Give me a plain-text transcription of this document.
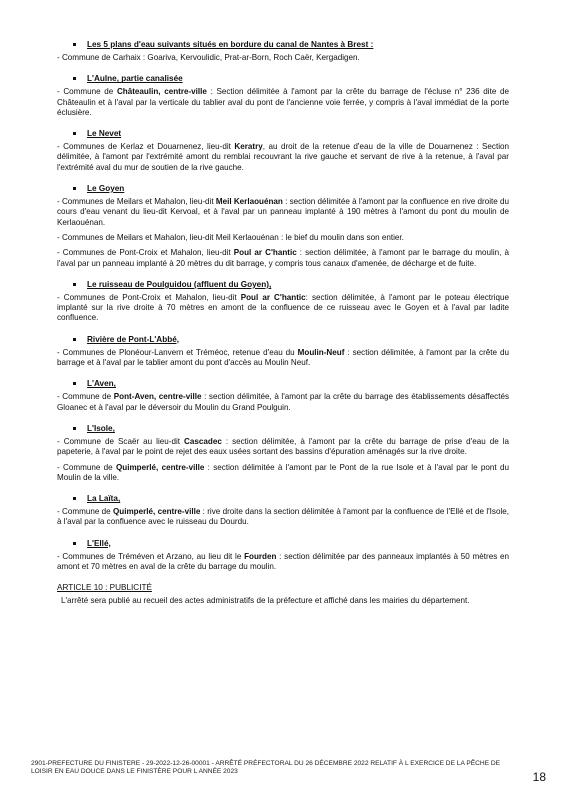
Les 5 plans d'eau suivants situés en bordure du canal de Nantes à Brest :

- Commune de Carhaix : Goariva, Kervoulidic, Prat-ar-Born, Roch Caër, Kergadigen.

L'Aulne, partie canalisée

- Commune de Châteaulin, centre-ville : Section délimitée à l'amont par la crête du barrage de l'écluse n° 236 dite de Châteaulin et à l'aval par la verticale du tablier aval du pont de l'ancienne voie ferrée, y compris à l'aval immédiat de la porte éclusière.

Le Nevet

- Communes de Kerlaz et Douarnenez, lieu-dit Keratry, au droit de la retenue d'eau de la ville de Douarnenez : Section délimitée, à l'amont par l'extrémité amont du remblai recouvrant la rive gauche et servant de rive à la retenue, à l'aval par l'extrémité aval du mur de soutien de la rive gauche.

Le Goyen

- Communes de Meilars et Mahalon, lieu-dit Meil Kerlaouénan : section délimitée à l'amont par la confluence en rive droite du cours d'eau venant du lieu-dit Kervoal, et à l'aval par un panneau implanté à 190 mètres à l'amont du pont du moulin de Kerlaouénan.

- Communes de Meilars et Mahalon, lieu-dit Meil Kerlaouénan : le bief du moulin dans son entier.

- Communes de Pont-Croix et Mahalon, lieu-dit Poul ar C'hantic : section délimitée, à l'amont par le barrage du moulin, à l'aval par un panneau implanté à 20 mètres du dit barrage, y compris tous canaux d'amenée, de décharge et de fuite.

Le ruisseau de Poulguidou (affluent du Goyen),

- Communes de Pont-Croix et Mahalon, lieu-dit Poul ar C'hantic: section délimitée, à l'amont par le poteau électrique implanté sur la rive droite à 70 mètres en amont de la confluence de ce ruisseau avec le Goyen et à l'aval par ladite confluence.

Rivière de Pont-L'Abbé,

- Communes de Plonéour-Lanvern et Tréméoc, retenue d'eau du Moulin-Neuf : section délimitée, à l'amont par la crête du barrage et à l'aval par le tablier amont du pont d'accès au Moulin Neuf.

L'Aven,

- Commune de Pont-Aven, centre-ville : section délimitée, à l'amont par la crête du barrage des établissements désaffectés Gloanec et à l'aval par le déversoir du Moulin du Grand Poulguin.

L'Isole,

- Commune de Scaër au lieu-dit Cascadec : section délimitée, à l'amont par la crête du barrage de prise d'eau de la papeterie, à l'aval par le point de rejet des eaux usées sortant des bassins d'épuration aménagés sur la rive droite.

- Commune de Quimperlé, centre-ville : section délimitée à l'amont par le Pont de la rue Isole et à l'aval par le pont du Moulin de la ville.

La Laïta,

- Commune de Quimperlé, centre-ville : rive droite dans la section délimitée à l'amont par la confluence de l'Ellé et de l'Isole, à l'aval par la confluence avec le ruisseau du Dourdu.

L'Ellé,

- Communes de Tréméven et Arzano, au lieu dit le Fourden : section délimitée par des panneaux implantés à 50 mètres en amont et 70 mètres en aval de la crête du barrage du moulin.

ARTICLE 10 : PUBLICITÉ

L'arrêté sera publié au recueil des actes administratifs de la préfecture et affiché dans les mairies du département.

2901-PREFECTURE DU FINISTERE - 29-2022-12-26-00001 - ARRÊTÉ PRÉFECTORAL DU 26 DÉCEMBRE 2022 RELATIF À L EXERCICE DE LA PÊCHE DE LOISIR EN EAU DOUCE DANS LE FINISTÈRE POUR L ANNÉE 2023	18
